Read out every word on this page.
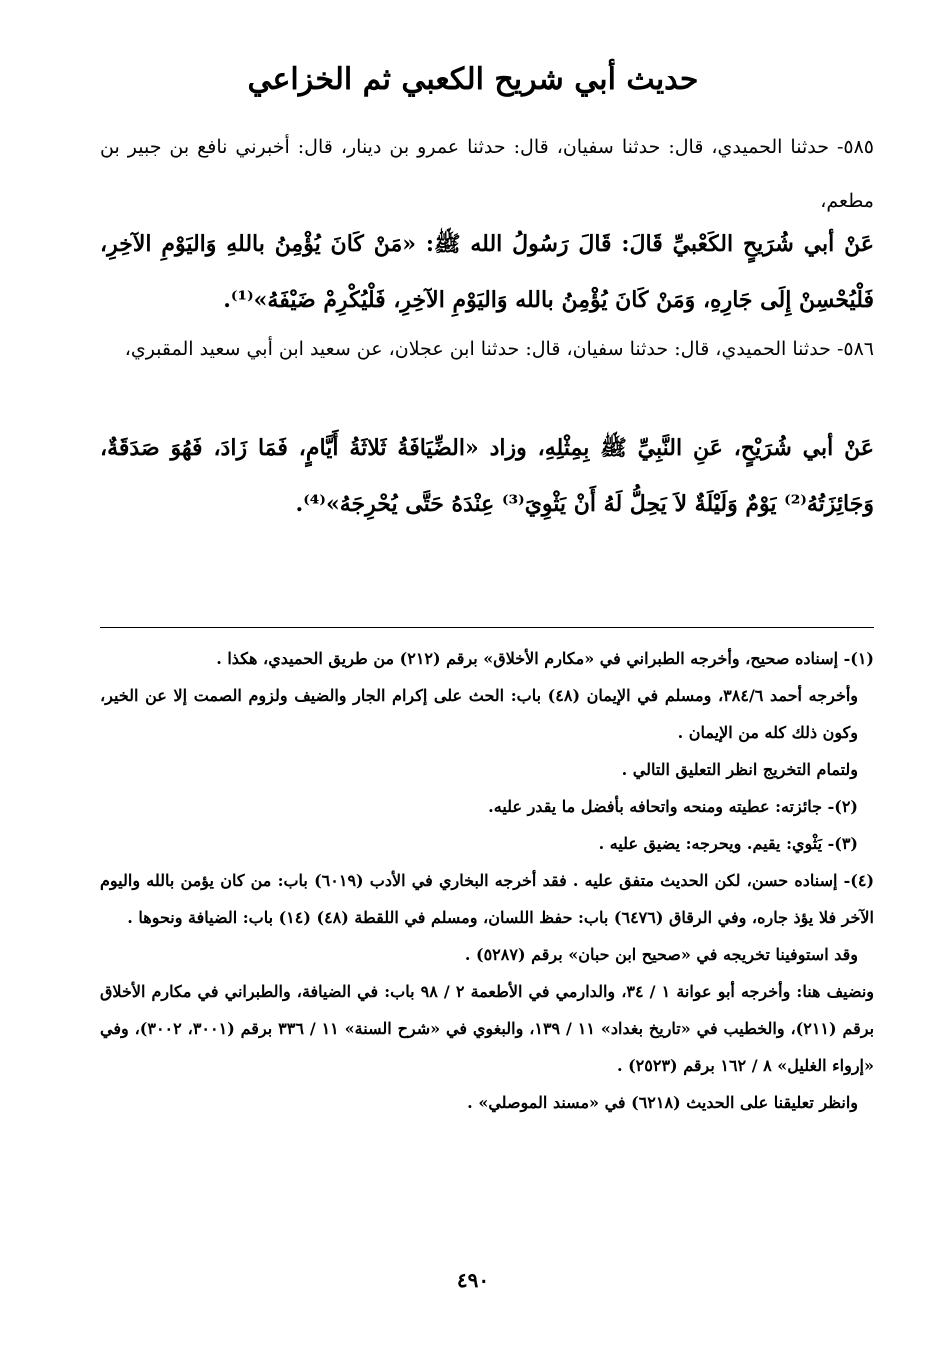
حديث أبي شريح الكعبي ثم الخزاعي
٥٨٥- حدثنا الحميدي، قال: حدثنا سفيان، قال: حدثنا عمرو بن دينار، قال: أخبرني نافع بن جبير بن مطعم،
عَنْ أبي شُرَيحٍ الكَعْبيِّ قَالَ: قَالَ رَسُولُ الله ﷺ: «مَنْ كَانَ يُؤْمِنُ باللهِ وَاليَوْمِ الآخِرِ، فَلْيُحْسِنْ إِلَى جَارِهِ، وَمَنْ كَانَ يُؤْمِنُ بالله وَاليَوْمِ الآخِرِ، فَلْيُكْرِمْ ضَيْفَهُ»⁽¹⁾.
٥٨٦- حدثنا الحميدي، قال: حدثنا سفيان، قال: حدثنا ابن عجلان، عن سعيد ابن أبي سعيد المقبري،
عَنْ أبي شُرَيْحٍ، عَنِ النَّبِيِّ ﷺ بِمِثْلِهِ، وزاد «الضِّيَافَةُ ثَلاثَةُ أَيَّامٍ، فَمَا زَادَ، فَهُوَ صَدَقَةٌ، وَجَائِزَتُهُ⁽²⁾ يَوْمٌ وَلَيْلَةٌ لاَ يَحِلُّ لَهُ أَنْ يَثْوِيَ⁽³⁾ عِنْدَهُ حَتَّى يُحْرِجَهُ»⁽⁴⁾.

(١)- إسناده صحيح، وأخرجه الطبراني في «مكارم الأخلاق» برقم (٢١٢) من طريق الحميدي، هكذا .

وأخرجه أحمد ٣٨٤/٦، ومسلم في الإيمان (٤٨) باب: الحث على إكرام الجار والضيف ولزوم الصمت إلا عن الخير، وكون ذلك كله من الإيمان .

ولتمام التخريج انظر التعليق التالي .

(٢)- جائزته: عطيته ومنحه واتحافه بأفضل ما يقدر عليه.

(٣)- يَثْوي: يقيم. ويحرجه: يضيق عليه .

(٤)- إسناده حسن، لكن الحديث متفق عليه . فقد أخرجه البخاري في الأدب (٦٠١٩) باب: من كان يؤمن بالله واليوم الآخر فلا يؤذ جاره، وفي الرقاق (٦٤٧٦) باب: حفظ اللسان، ومسلم في اللقطة (٤٨) (١٤) باب: الضيافة ونحوها .

وقد استوفينا تخريجه في «صحيح ابن حبان» برقم (٥٢٨٧) .

ونضيف هنا: وأخرجه أبو عوانة ١ / ٣٤، والدارمي في الأطعمة ٢ / ٩٨ باب: في الضيافة، والطبراني في مكارم الأخلاق برقم (٢١١)، والخطيب في «تاريخ بغداد» ١١ / ١٣٩، والبغوي في «شرح السنة» ١١ / ٣٣٦ برقم (٣٠٠١، ٣٠٠٢)، وفي «إرواء الغليل» ٨ / ١٦٢ برقم (٢٥٢٣) .

وانظر تعليقنا على الحديث (٦٢١٨) في «مسند الموصلي» .

٤٩٠
